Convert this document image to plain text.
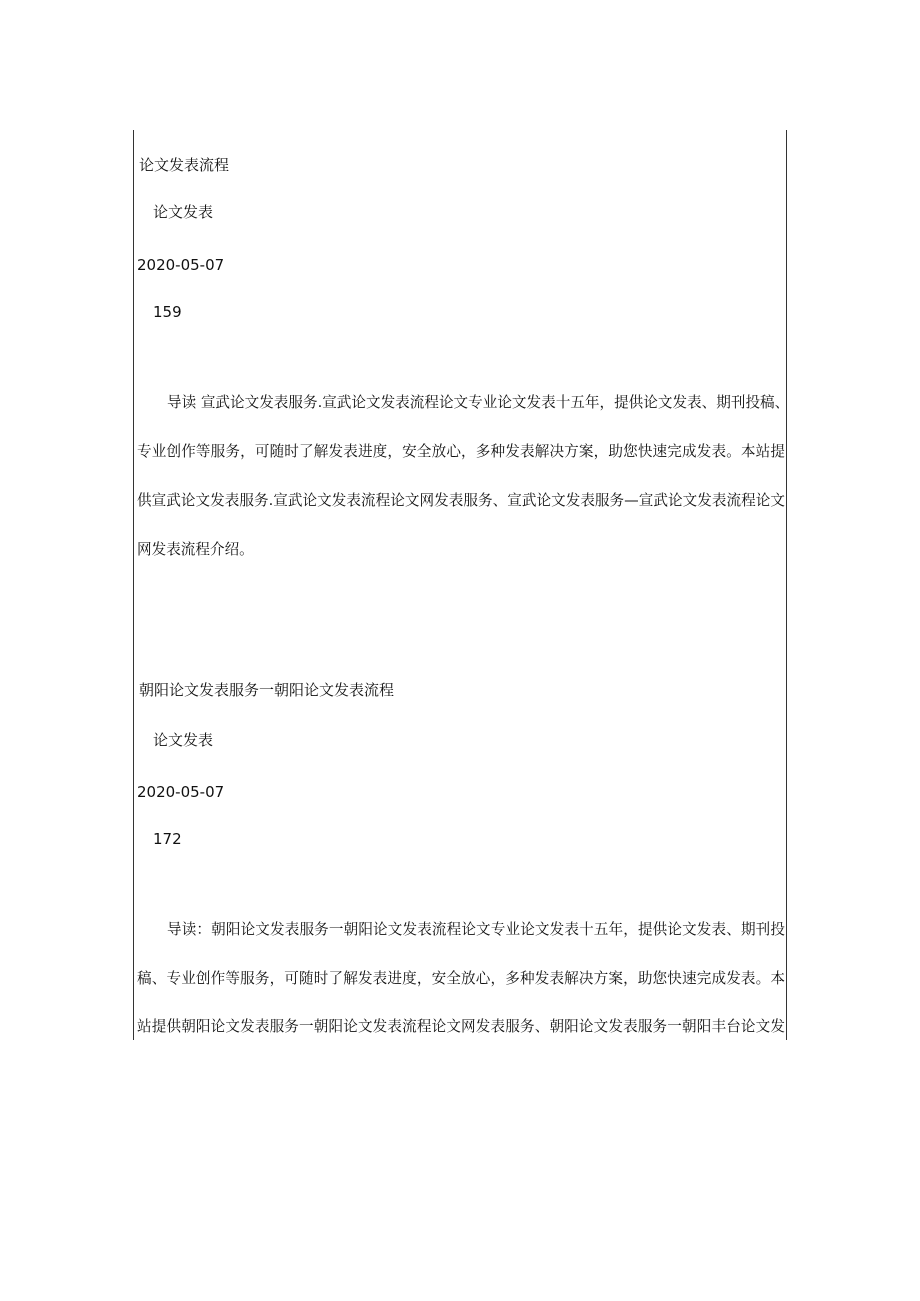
论文发表流程
论文发表
2020-05-07
159
导读 宣武论文发表服务.宣武论文发表流程论文专业论文发表十五年，提供论文发表、期刊投稿、
专业创作等服务，可随时了解发表进度，安全放心，多种发表解决方案，助您快速完成发表。本站提
供宣武论文发表服务.宣武论文发表流程论文网发表服务、宣武论文发表服务—宣武论文发表流程论文
网发表流程介绍。
朝阳论文发表服务一朝阳论文发表流程
论文发表
2020-05-07
172
导读：朝阳论文发表服务一朝阳论文发表流程论文专业论文发表十五年，提供论文发表、期刊投
稿、专业创作等服务，可随时了解发表进度，安全放心，多种发表解决方案，助您快速完成发表。本
站提供朝阳论文发表服务一朝阳论文发表流程论文网发表服务、朝阳论文发表服务一朝阳丰台论文发
